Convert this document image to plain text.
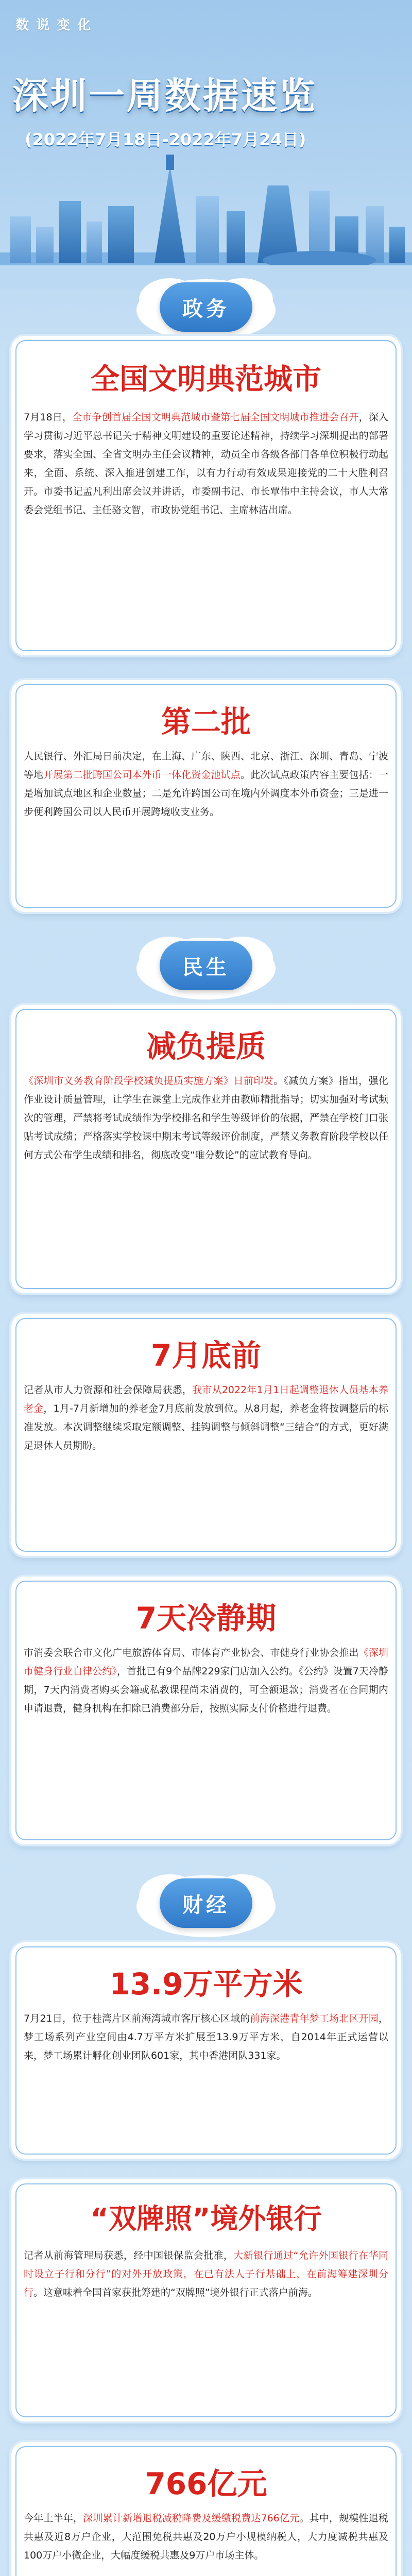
数 说 变 化
深圳一周数据速览
(2022年7月18日-2022年7月24日)
政务
全国文明典范城市
7月18日，全市争创首届全国文明典范城市暨第七届全国文明城市推进会召开，深入学习贯彻习近平总书记关于精神文明建设的重要论述精神，持续学习深圳提出的部署要求，落实全国、全省文明办主任会议精神，动员全市各级各部门各单位积极行动起来，全面、系统、深入推进创建工作，以有力行动有效成果迎接党的二十大胜利召开。市委书记孟凡利出席会议并讲话，市委副书记、市长覃伟中主持会议，市人大常委会党组书记、主任骆文智，市政协党组书记、主席林洁出席。
第二批
人民银行、外汇局日前决定，在上海、广东、陕西、北京、浙江、深圳、青岛、宁波等地开展第二批跨国公司本外币一体化资金池试点。此次试点政策内容主要包括：一是增加试点地区和企业数量；二是允许跨国公司在境内外调度本外币资金；三是进一步便利跨国公司以人民币开展跨境收支业务。
民生
减负提质
《深圳市义务教育阶段学校减负提质实施方案》日前印发。《减负方案》指出，强化作业设计质量管理，让学生在课堂上完成作业并由教师精批指导；切实加强对考试频次的管理，严禁将考试成绩作为学校排名和学生等级评价的依据，严禁在学校门口张贴考试成绩；严格落实学校课中期末考试等级评价制度，严禁义务教育阶段学校以任何方式公布学生成绩和排名，彻底改变“唯分数论”的应试教育导向。
7月底前
记者从市人力资源和社会保障局获悉，我市从2022年1月1日起调整退休人员基本养老金，1月-7月新增加的养老金7月底前发放到位。从8月起，养老金将按调整后的标准发放。本次调整继续采取定额调整、挂钩调整与倾斜调整“三结合”的方式，更好满足退休人员期盼。
7天冷静期
市消委会联合市文化广电旅游体育局、市体育产业协会、市健身行业协会推出《深圳市健身行业自律公约》，首批已有9个品牌229家门店加入公约。《公约》设置7天冷静期，7天内消费者购买会籍或私教课程尚未消费的，可全额退款；消费者在合同期内申请退费，健身机构在扣除已消费部分后，按照实际支付价格进行退费。
财经
13.9万平方米
7月21日，位于桂湾片区前海湾城市客厅核心区域的前海深港青年梦工场北区开园，梦工场系列产业空间由4.7万平方米扩展至13.9万平方米，自2014年正式运营以来，梦工场累计孵化创业团队601家，其中香港团队331家。
“双牌照”境外银行
记者从前海管理局获悉，经中国银保监会批准，大新银行通过“允许外国银行在华同时设立子行和分行”的对外开放政策，在已有法人子行基础上，在前海筹建深圳分行。这意味着全国首家获批筹建的“双牌照”境外银行正式落户前海。
766亿元
今年上半年，深圳累计新增退税减税降费及缓缴税费达766亿元。其中，规模性退税共惠及近8万户企业，大范围免税共惠及20万户小规模纳税人，大力度减税共惠及100万户小微企业，大幅度缓税共惠及9万户市场主体。
